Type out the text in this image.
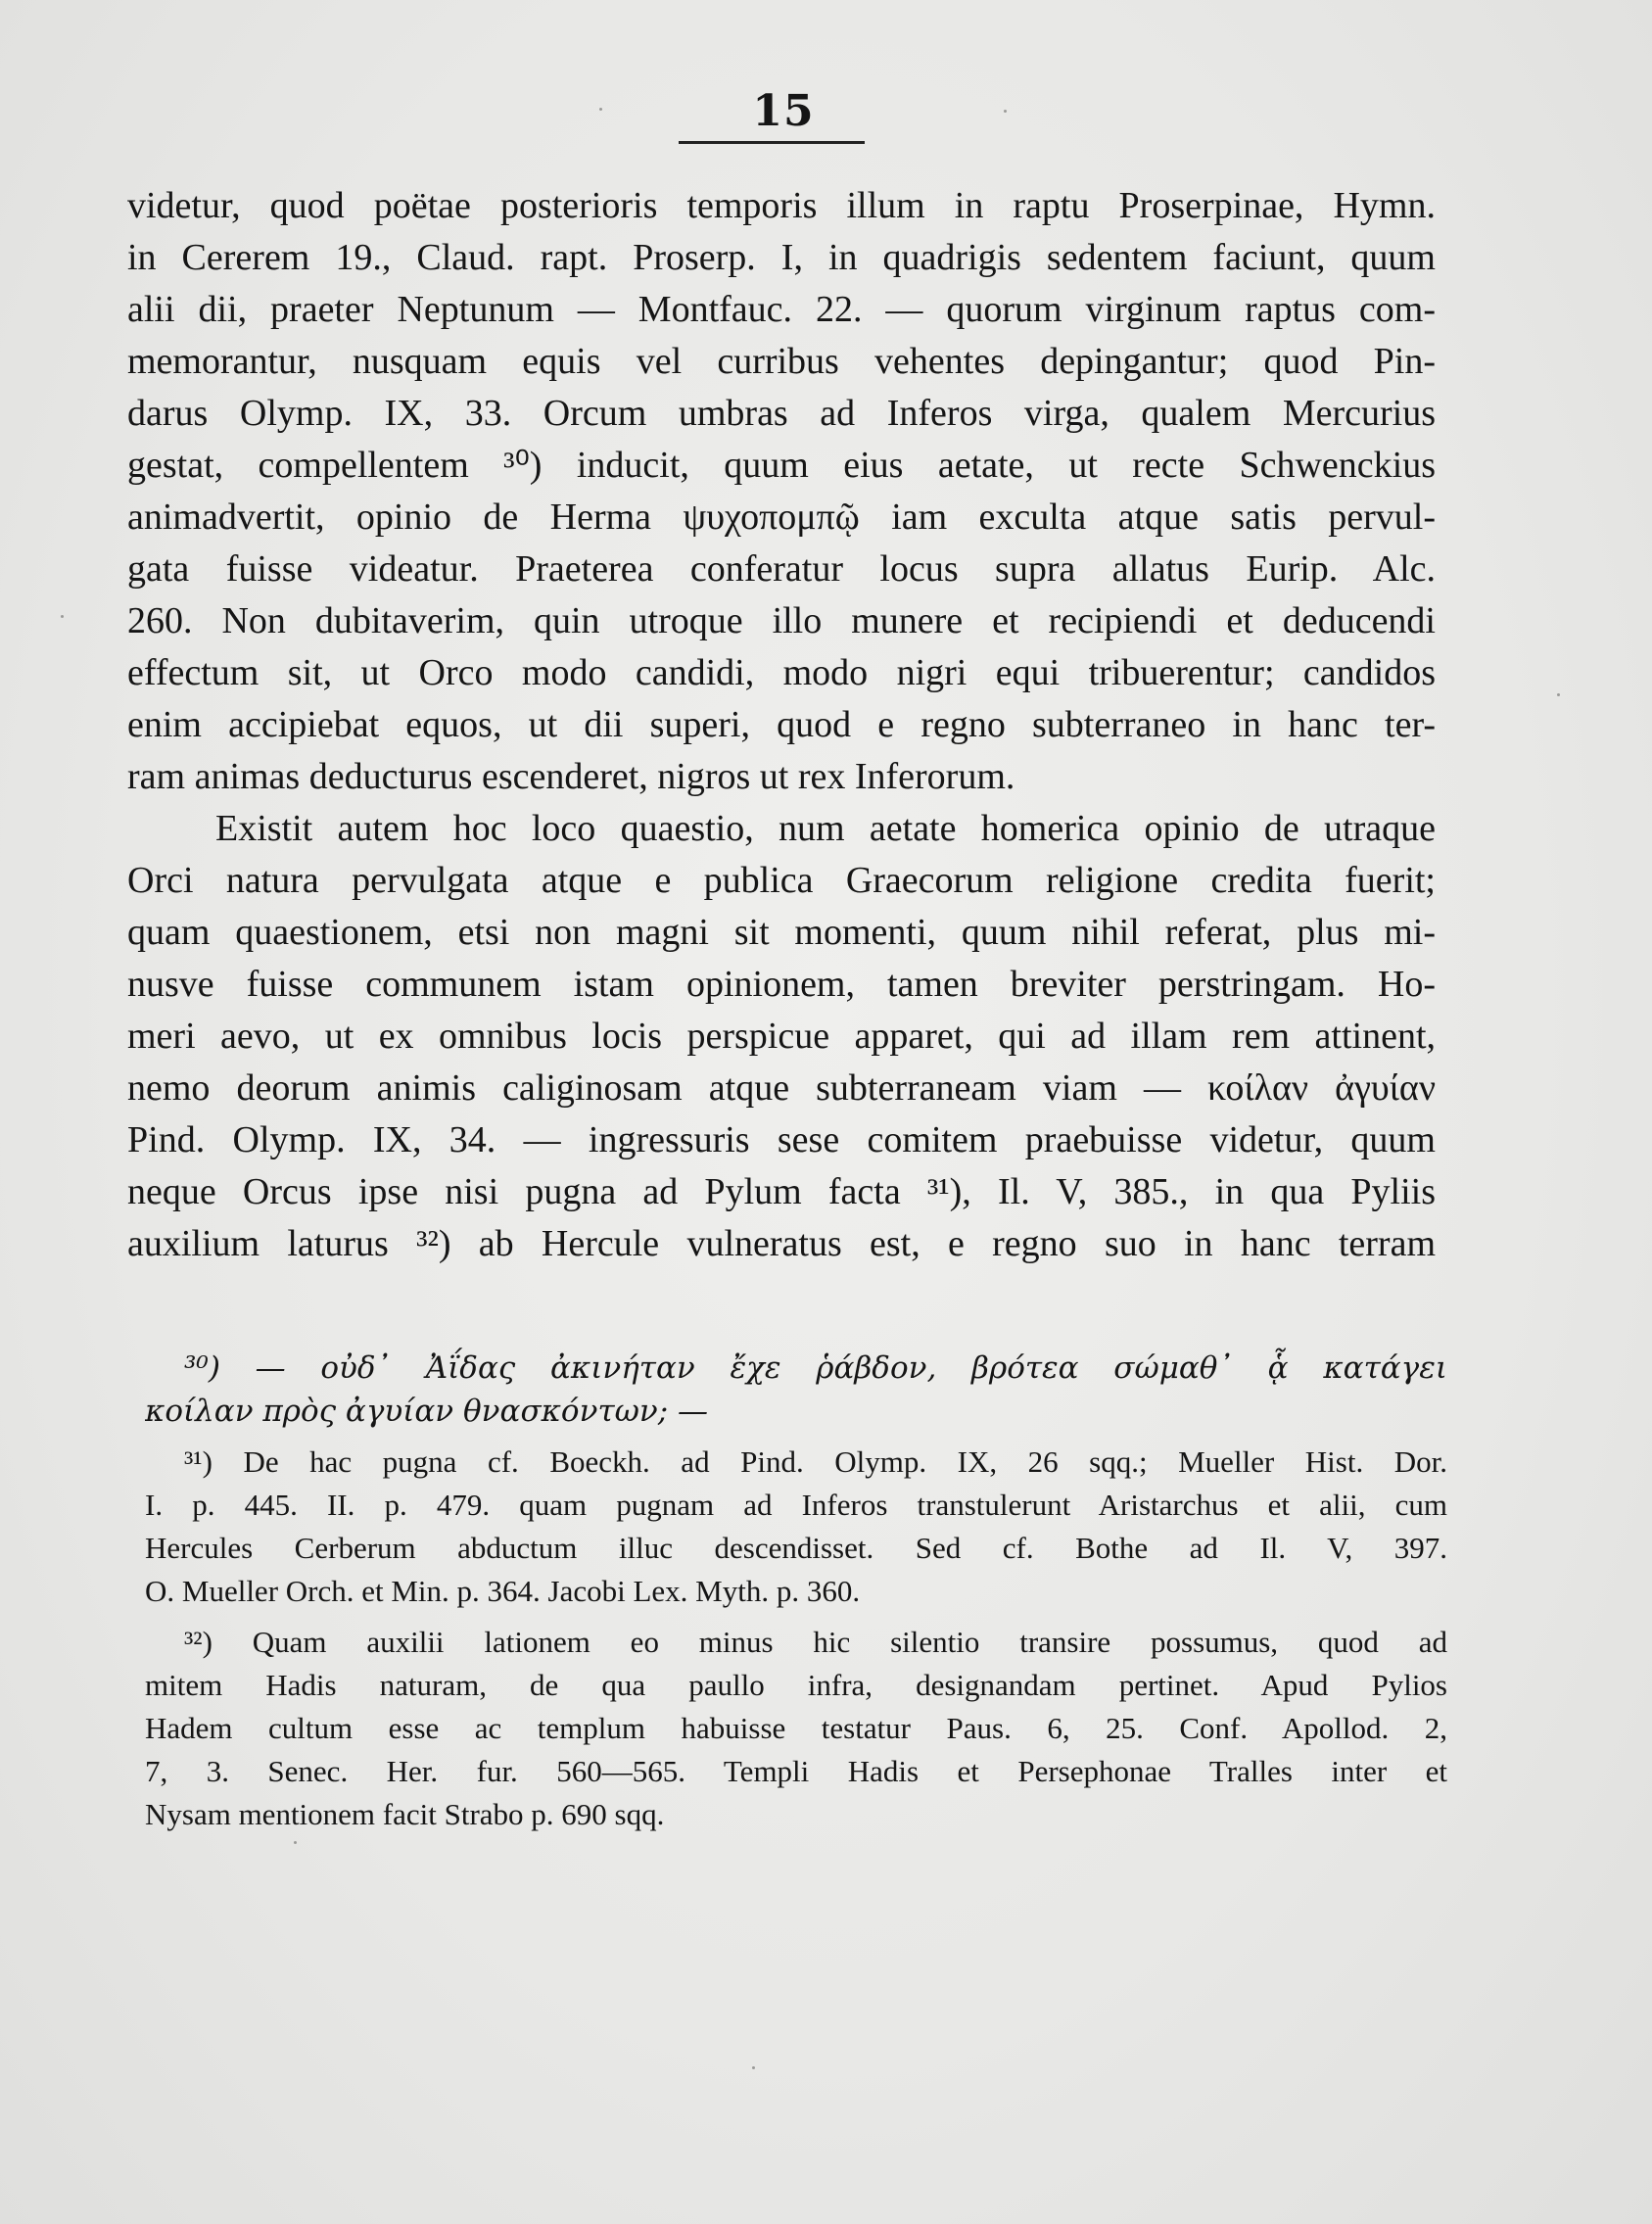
15
videtur, quod poëtae posterioris temporis illum in raptu Proserpinae, Hymn.
in Cererem 19., Claud. rapt. Proserp. I, in quadrigis sedentem faciunt, quum
alii dii, praeter Neptunum — Montfauc. 22. — quorum virginum raptus com-
memorantur, nusquam equis vel curribus vehentes depingantur; quod Pin-
darus Olymp. IX, 33. Orcum umbras ad Inferos virga, qualem Mercurius
gestat, compellentem ³⁰) inducit, quum eius aetate, ut recte Schwenckius
animadvertit, opinio de Herma ψυχοπομπῷ iam exculta atque satis pervul-
gata fuisse videatur. Praeterea conferatur locus supra allatus Eurip. Alc.
260. Non dubitaverim, quin utroque illo munere et recipiendi et deducendi
effectum sit, ut Orco modo candidi, modo nigri equi tribuerentur; candidos
enim accipiebat equos, ut dii superi, quod e regno subterraneo in hanc ter-
ram animas deducturus escenderet, nigros ut rex Inferorum.
Existit autem hoc loco quaestio, num aetate homerica opinio de utraque
Orci natura pervulgata atque e publica Graecorum religione credita fuerit;
quam quaestionem, etsi non magni sit momenti, quum nihil referat, plus mi-
nusve fuisse communem istam opinionem, tamen breviter perstringam. Ho-
meri aevo, ut ex omnibus locis perspicue apparet, qui ad illam rem attinent,
nemo deorum animis caliginosam atque subterraneam viam — κοίλαν ἀγυίαν
Pind. Olymp. IX, 34. — ingressuris sese comitem praebuisse videtur, quum
neque Orcus ipse nisi pugna ad Pylum facta ³¹), Il. V, 385., in qua Pyliis
auxilium laturus ³²) ab Hercule vulneratus est, e regno suo in hanc terram
³⁰) — οὐδ᾽ Ἀΐδας ἀκινήταν ἔχε ῥάβδον, βρότεα σώμαθ᾽ ᾇ κατάγει
κοίλαν πρὸς ἀγυίαν θνασκόντων; —
³¹) De hac pugna cf. Boeckh. ad Pind. Olymp. IX, 26 sqq.; Mueller Hist. Dor.
I. p. 445. II. p. 479. quam pugnam ad Inferos transtulerunt Aristarchus et alii, cum
Hercules Cerberum abductum illuc descendisset. Sed cf. Bothe ad Il. V, 397.
O. Mueller Orch. et Min. p. 364. Jacobi Lex. Myth. p. 360.
³²) Quam auxilii lationem eo minus hic silentio transire possumus, quod ad
mitem Hadis naturam, de qua paullo infra, designandam pertinet. Apud Pylios
Hadem cultum esse ac templum habuisse testatur Paus. 6, 25. Conf. Apollod. 2,
7, 3. Senec. Her. fur. 560—565. Templi Hadis et Persephonae Tralles inter et
Nysam mentionem facit Strabo p. 690 sqq.
